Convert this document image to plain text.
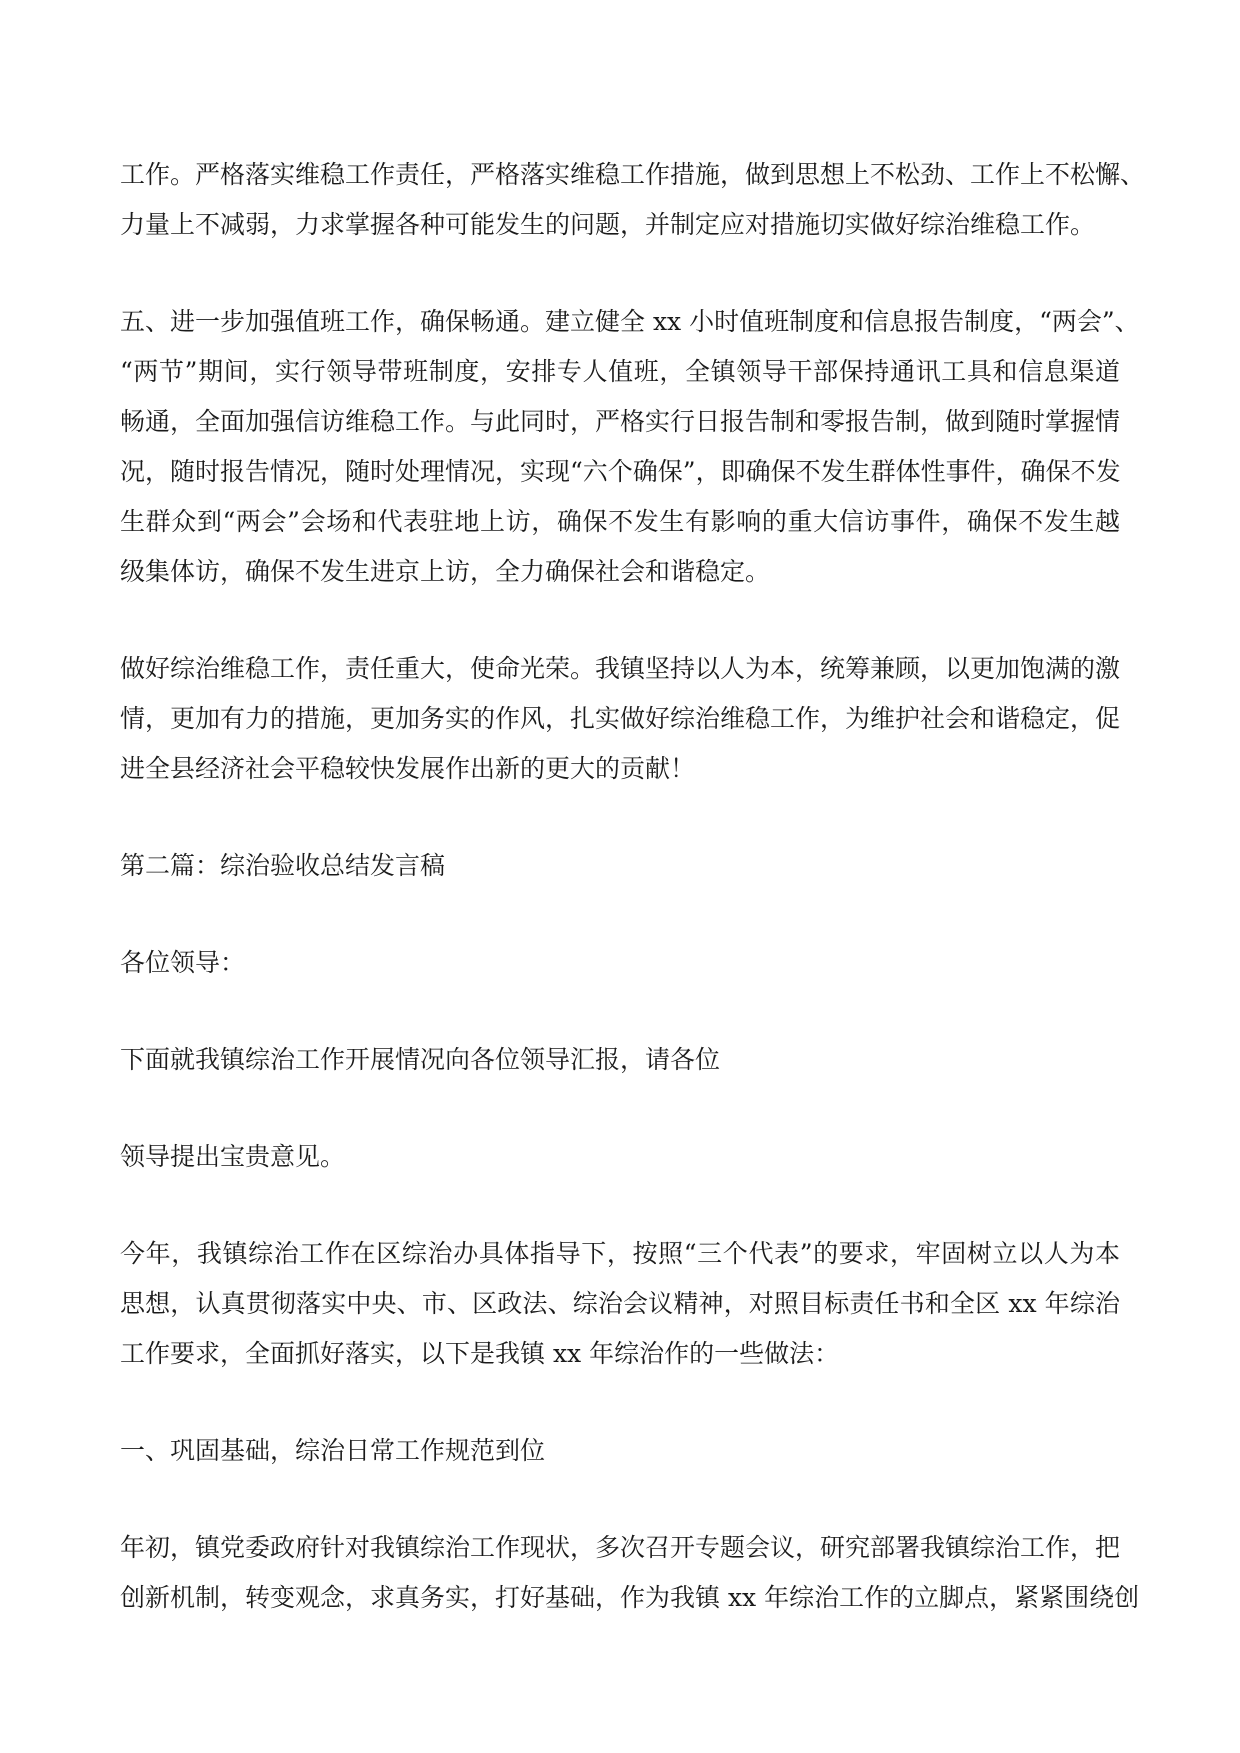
工作。严格落实维稳工作责任，严格落实维稳工作措施，做到思想上不松劲、工作上不松懈、
力量上不减弱，力求掌握各种可能发生的问题，并制定应对措施切实做好综治维稳工作。

五、进一步加强值班工作，确保畅通。建立健全 xx 小时值班制度和信息报告制度，“两会”、
“两节”期间，实行领导带班制度，安排专人值班，全镇领导干部保持通讯工具和信息渠道
畅通，全面加强信访维稳工作。与此同时，严格实行日报告制和零报告制，做到随时掌握情
况，随时报告情况，随时处理情况，实现“六个确保”，即确保不发生群体性事件，确保不发
生群众到“两会”会场和代表驻地上访，确保不发生有影响的重大信访事件，确保不发生越
级集体访，确保不发生进京上访，全力确保社会和谐稳定。

做好综治维稳工作，责任重大，使命光荣。我镇坚持以人为本，统筹兼顾，以更加饱满的激
情，更加有力的措施，更加务实的作风，扎实做好综治维稳工作，为维护社会和谐稳定，促
进全县经济社会平稳较快发展作出新的更大的贡献！

第二篇：综治验收总结发言稿

各位领导：

下面就我镇综治工作开展情况向各位领导汇报，请各位

领导提出宝贵意见。

今年，我镇综治工作在区综治办具体指导下，按照“三个代表”的要求，牢固树立以人为本
思想，认真贯彻落实中央、市、区政法、综治会议精神，对照目标责任书和全区 xx 年综治
工作要求，全面抓好落实，以下是我镇 xx 年综治作的一些做法：

一、巩固基础，综治日常工作规范到位

年初，镇党委政府针对我镇综治工作现状，多次召开专题会议，研究部署我镇综治工作，把
创新机制，转变观念，求真务实，打好基础，作为我镇 xx 年综治工作的立脚点，紧紧围绕创
